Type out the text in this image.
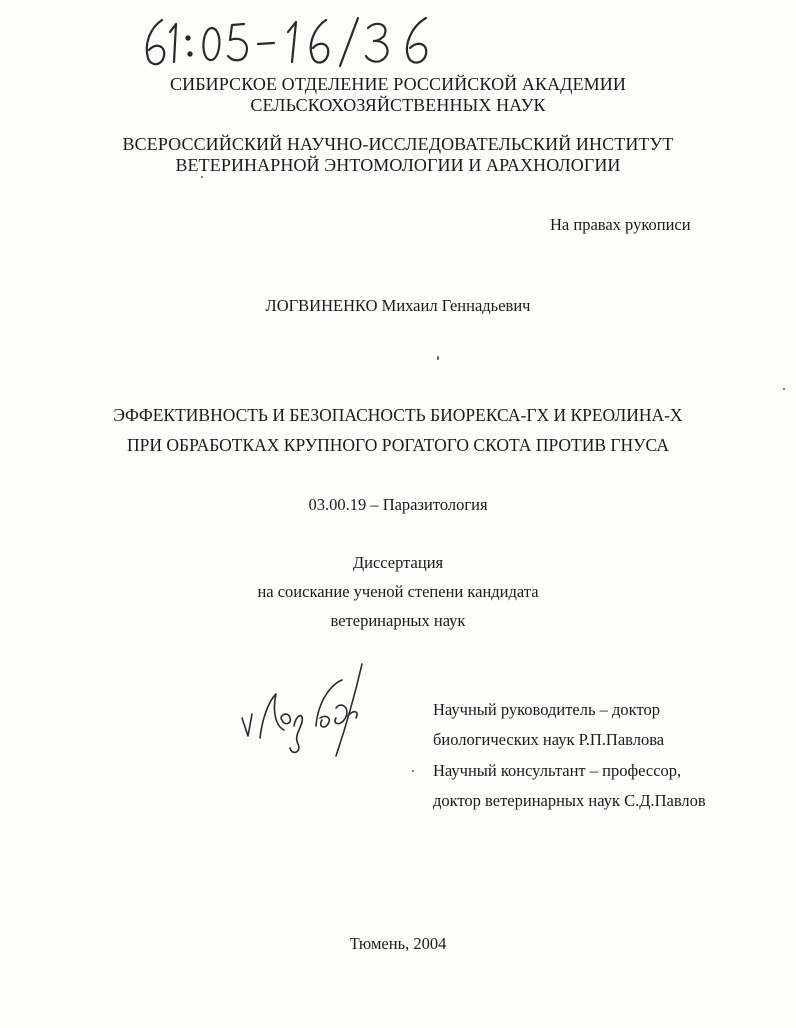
СИБИРСКОЕ ОТДЕЛЕНИЕ РОССИЙСКОЙ АКАДЕМИИ
СЕЛЬСКОХОЗЯЙСТВЕННЫХ НАУК
ВСЕРОССИЙСКИЙ НАУЧНО-ИССЛЕДОВАТЕЛЬСКИЙ ИНСТИТУТ
ВЕТЕРИНАРНОЙ ЭНТОМОЛОГИИ И АРАХНОЛОГИИ
На правах рукописи
ЛОГВИНЕНКО Михаил Геннадьевич
ЭФФЕКТИВНОСТЬ И БЕЗОПАСНОСТЬ БИОРЕКСА-ГХ И КРЕОЛИНА-Х
ПРИ ОБРАБОТКАХ КРУПНОГО РОГАТОГО СКОТА ПРОТИВ ГНУСА
03.00.19 – Паразитология
Диссертация
на соискание ученой степени кандидата
ветеринарных наук
Научный руководитель – доктор
биологических наук Р.П.Павлова
Научный консультант – профессор,
доктор ветеринарных наук С.Д.Павлов
Тюмень, 2004
